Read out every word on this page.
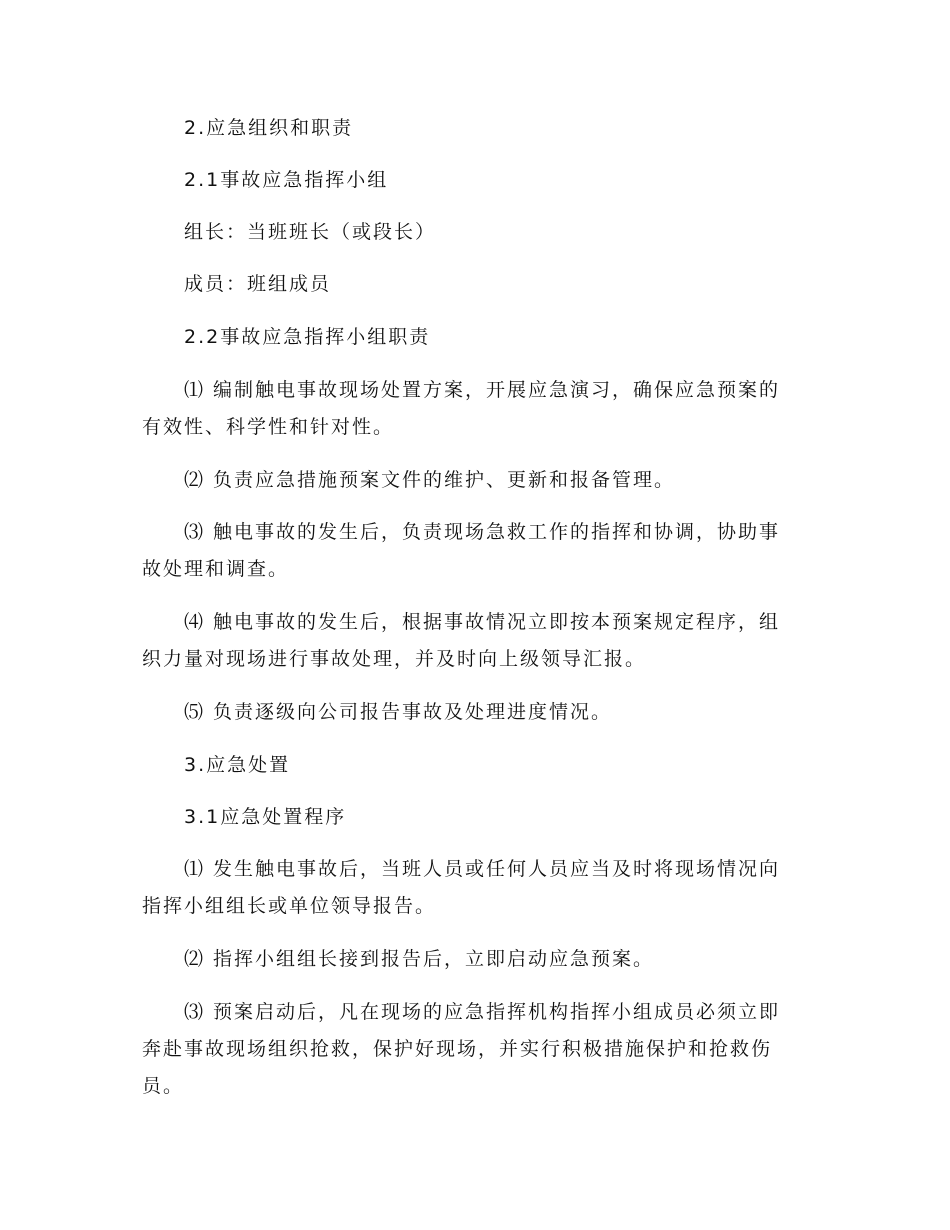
2.应急组织和职责
2.1事故应急指挥小组
组长：当班班长（或段长）
成员：班组成员
2.2事故应急指挥小组职责
⑴ 编制触电事故现场处置方案，开展应急演习，确保应急预案的
有效性、科学性和针对性。
⑵ 负责应急措施预案文件的维护、更新和报备管理。
⑶ 触电事故的发生后，负责现场急救工作的指挥和协调，协助事
故处理和调查。
⑷ 触电事故的发生后，根据事故情况立即按本预案规定程序，组
织力量对现场进行事故处理，并及时向上级领导汇报。
⑸ 负责逐级向公司报告事故及处理进度情况。
3.应急处置
3.1应急处置程序
⑴ 发生触电事故后，当班人员或任何人员应当及时将现场情况向
指挥小组组长或单位领导报告。
⑵ 指挥小组组长接到报告后，立即启动应急预案。
⑶ 预案启动后，凡在现场的应急指挥机构指挥小组成员必须立即
奔赴事故现场组织抢救，保护好现场，并实行积极措施保护和抢救伤
员。
